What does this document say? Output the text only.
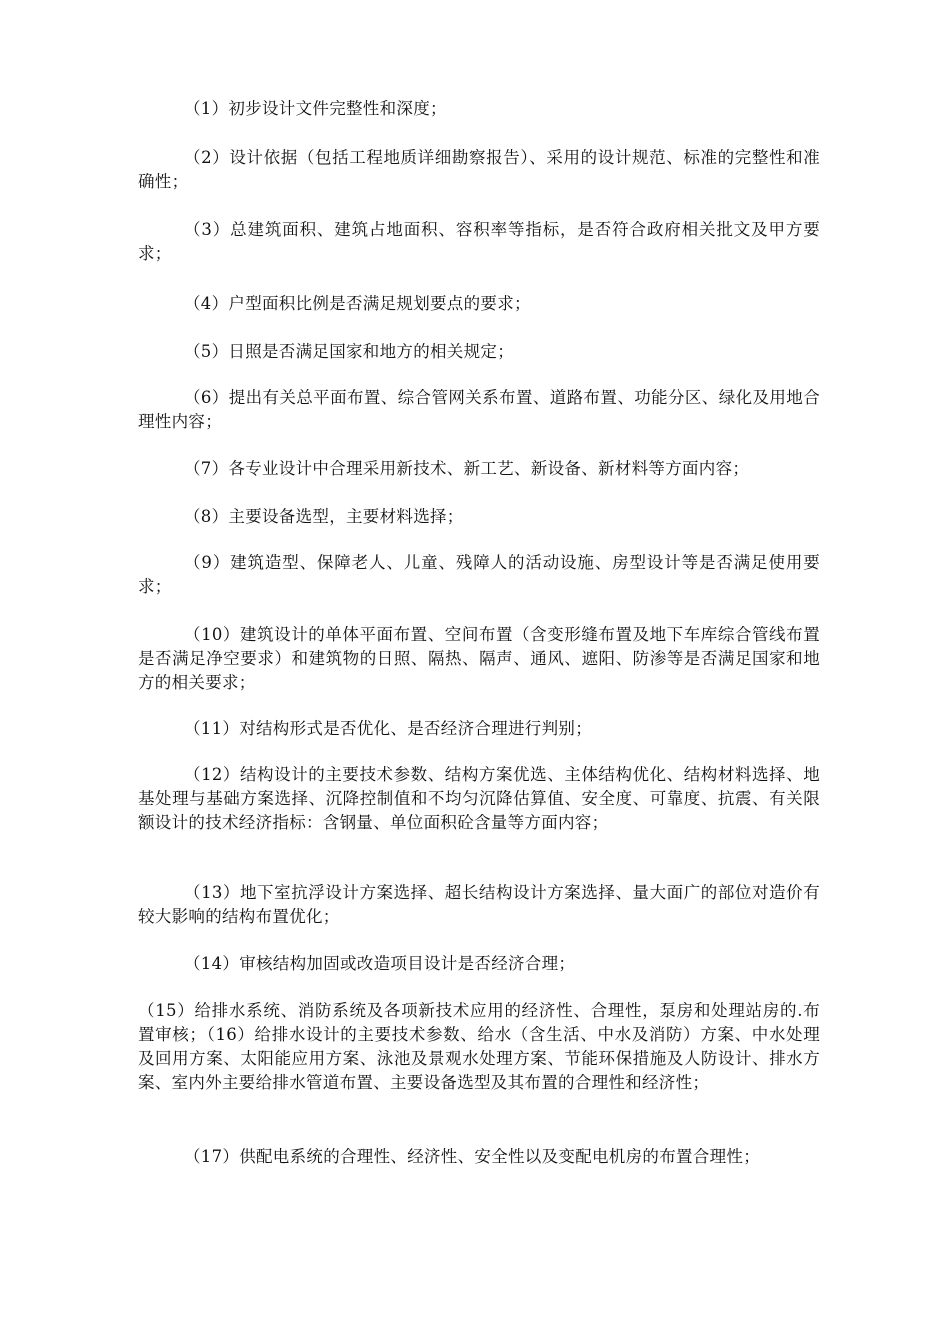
（1）初步设计文件完整性和深度；

（2）设计依据（包括工程地质详细勘察报告）、采用的设计规范、标准的完整性和准确性；

（3）总建筑面积、建筑占地面积、容积率等指标，是否符合政府相关批文及甲方要求；

（4）户型面积比例是否满足规划要点的要求；

（5）日照是否满足国家和地方的相关规定；

（6）提出有关总平面布置、综合管网关系布置、道路布置、功能分区、绿化及用地合理性内容；

（7）各专业设计中合理采用新技术、新工艺、新设备、新材料等方面内容；

（8）主要设备选型，主要材料选择；

（9）建筑造型、保障老人、儿童、残障人的活动设施、房型设计等是否满足使用要求；

（10）建筑设计的单体平面布置、空间布置（含变形缝布置及地下车库综合管线布置是否满足净空要求）和建筑物的日照、隔热、隔声、通风、遮阳、防渗等是否满足国家和地方的相关要求；

（11）对结构形式是否优化、是否经济合理进行判别；

（12）结构设计的主要技术参数、结构方案优选、主体结构优化、结构材料选择、地基处理与基础方案选择、沉降控制值和不均匀沉降估算值、安全度、可靠度、抗震、有关限额设计的技术经济指标：含钢量、单位面积砼含量等方面内容；

（13）地下室抗浮设计方案选择、超长结构设计方案选择、量大面广的部位对造价有较大影响的结构布置优化；

（14）审核结构加固或改造项目设计是否经济合理；

（15）给排水系统、消防系统及各项新技术应用的经济性、合理性，泵房和处理站房的.布置审核；（16）给排水设计的主要技术参数、给水（含生活、中水及消防）方案、中水处理及回用方案、太阳能应用方案、泳池及景观水处理方案、节能环保措施及人防设计、排水方案、室内外主要给排水管道布置、主要设备选型及其布置的合理性和经济性；

（17）供配电系统的合理性、经济性、安全性以及变配电机房的布置合理性；
